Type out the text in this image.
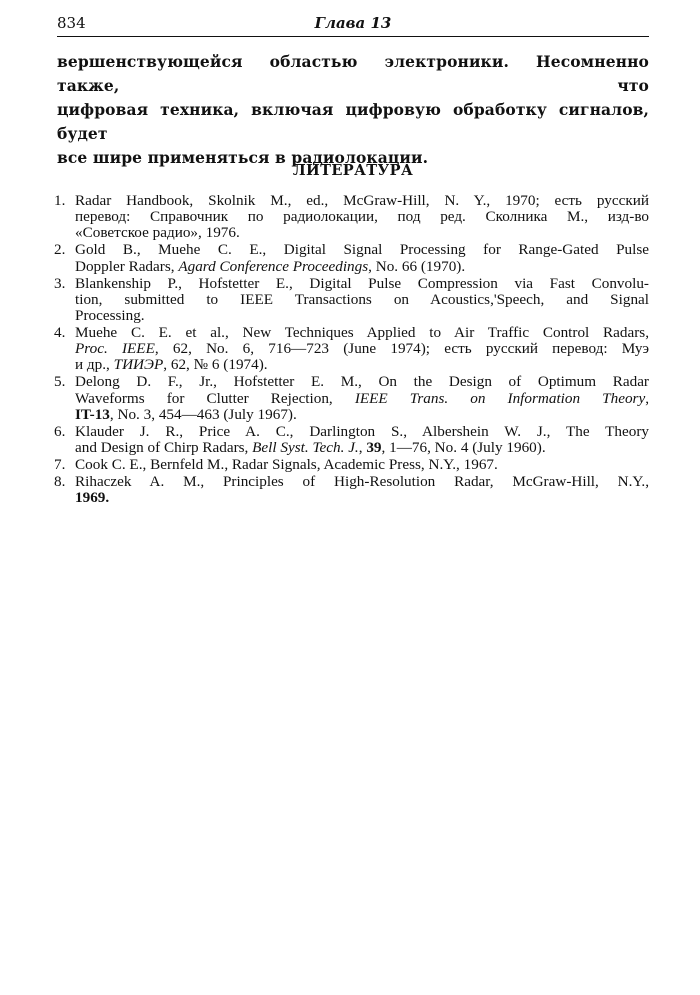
834	Глава 13
вершенствующейся областью электроники. Несомненно также, что
цифровая техника, включая цифровую обработку сигналов, будет
все шире применяться в радиолокации.
ЛИТЕРАТУРА
1. Radar Handbook, Skolnik M., ed., McGraw-Hill, N. Y., 1970; есть русский
перевод: Справочник по радиолокации, под ред. Сколника М., изд-во
«Советское радио», 1976.
2. Gold B., Muehe C. E., Digital Signal Processing for Range-Gated Pulse
Doppler Radars, Agard Conference Proceedings, No. 66 (1970).
3. Blankenship P., Hofstetter E., Digital Pulse Compression via Fast Convolu-
tion, submitted to IEEE Transactions on Acoustics,'Speech, and Signal
Processing.
4. Muehe C. E. et al., New Techniques Applied to Air Traffic Control Radars,
Proc. IEEE, 62, No. 6, 716—723 (June 1974); есть русский перевод: Муэ
и др., ТИИЭР, 62, № 6 (1974).
5. Delong D. F., Jr., Hofstetter E. M., On the Design of Optimum Radar
Waveforms for Clutter Rejection, IEEE Trans. on Information Theory,
IT-13, No. 3, 454—463 (July 1967).
6. Klauder J. R., Price A. C., Darlington S., Albershein W. J., The Theory
and Design of Chirp Radars, Bell Syst. Tech. J., 39, 1—76, No. 4 (July 1960).
7. Cook C. E., Bernfeld M., Radar Signals, Academic Press, N.Y., 1967.
8. Rihaczek A. M., Principles of High-Resolution Radar, McGraw-Hill, N.Y.,
1969.
